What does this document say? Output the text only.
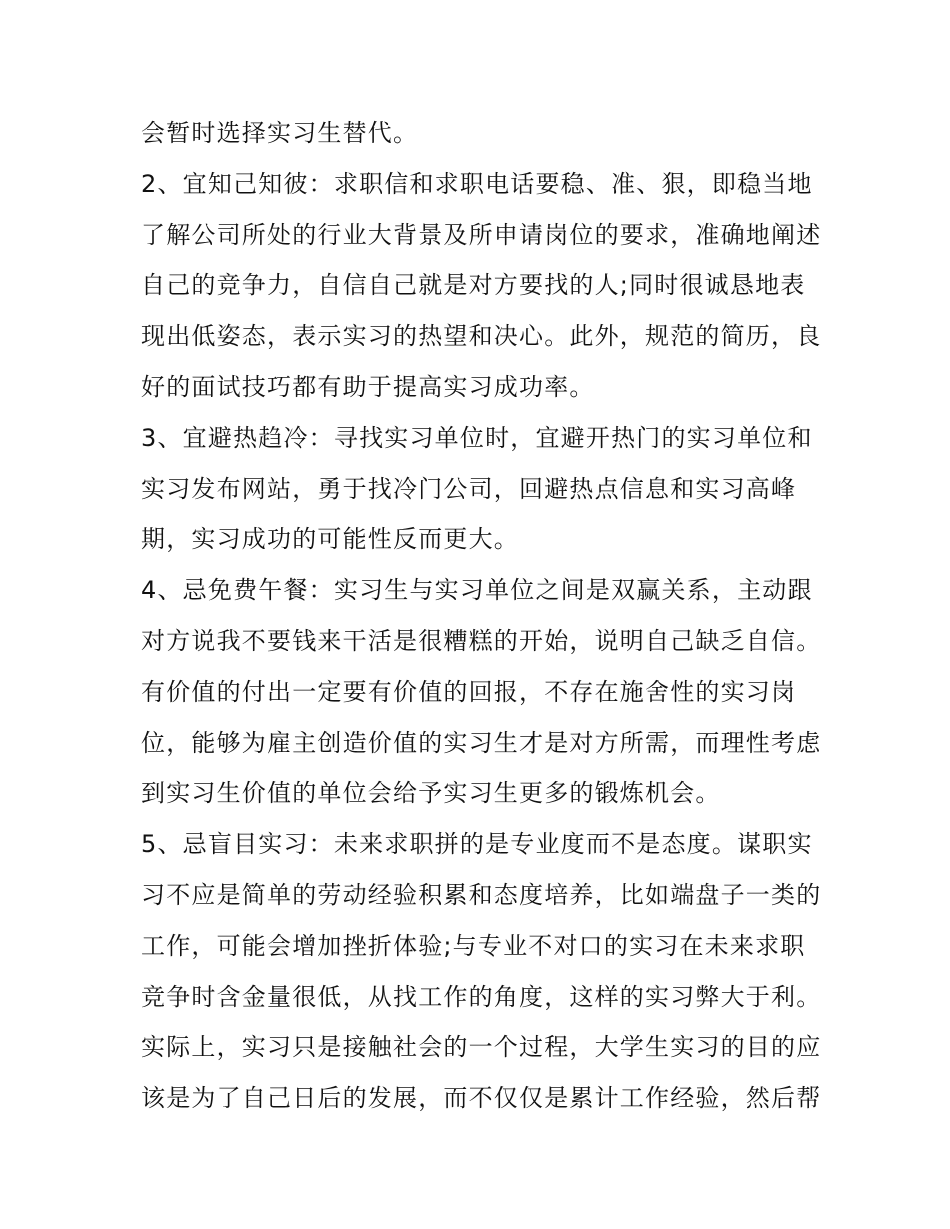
会暂时选择实习生替代。
2、宜知己知彼：求职信和求职电话要稳、准、狠，即稳当地
了解公司所处的行业大背景及所申请岗位的要求，准确地阐述
自己的竞争力，自信自己就是对方要找的人;同时很诚恳地表
现出低姿态，表示实习的热望和决心。此外，规范的简历，良
好的面试技巧都有助于提高实习成功率。
3、宜避热趋冷：寻找实习单位时，宜避开热门的实习单位和
实习发布网站，勇于找冷门公司，回避热点信息和实习高峰
期，实习成功的可能性反而更大。
4、忌免费午餐：实习生与实习单位之间是双赢关系，主动跟
对方说我不要钱来干活是很糟糕的开始，说明自己缺乏自信。
有价值的付出一定要有价值的回报，不存在施舍性的实习岗
位，能够为雇主创造价值的实习生才是对方所需，而理性考虑
到实习生价值的单位会给予实习生更多的锻炼机会。
5、忌盲目实习：未来求职拼的是专业度而不是态度。谋职实
习不应是简单的劳动经验积累和态度培养，比如端盘子一类的
工作，可能会增加挫折体验;与专业不对口的实习在未来求职
竞争时含金量很低，从找工作的角度，这样的实习弊大于利。
实际上，实习只是接触社会的一个过程，大学生实习的目的应
该是为了自己日后的发展，而不仅仅是累计工作经验，然后帮
